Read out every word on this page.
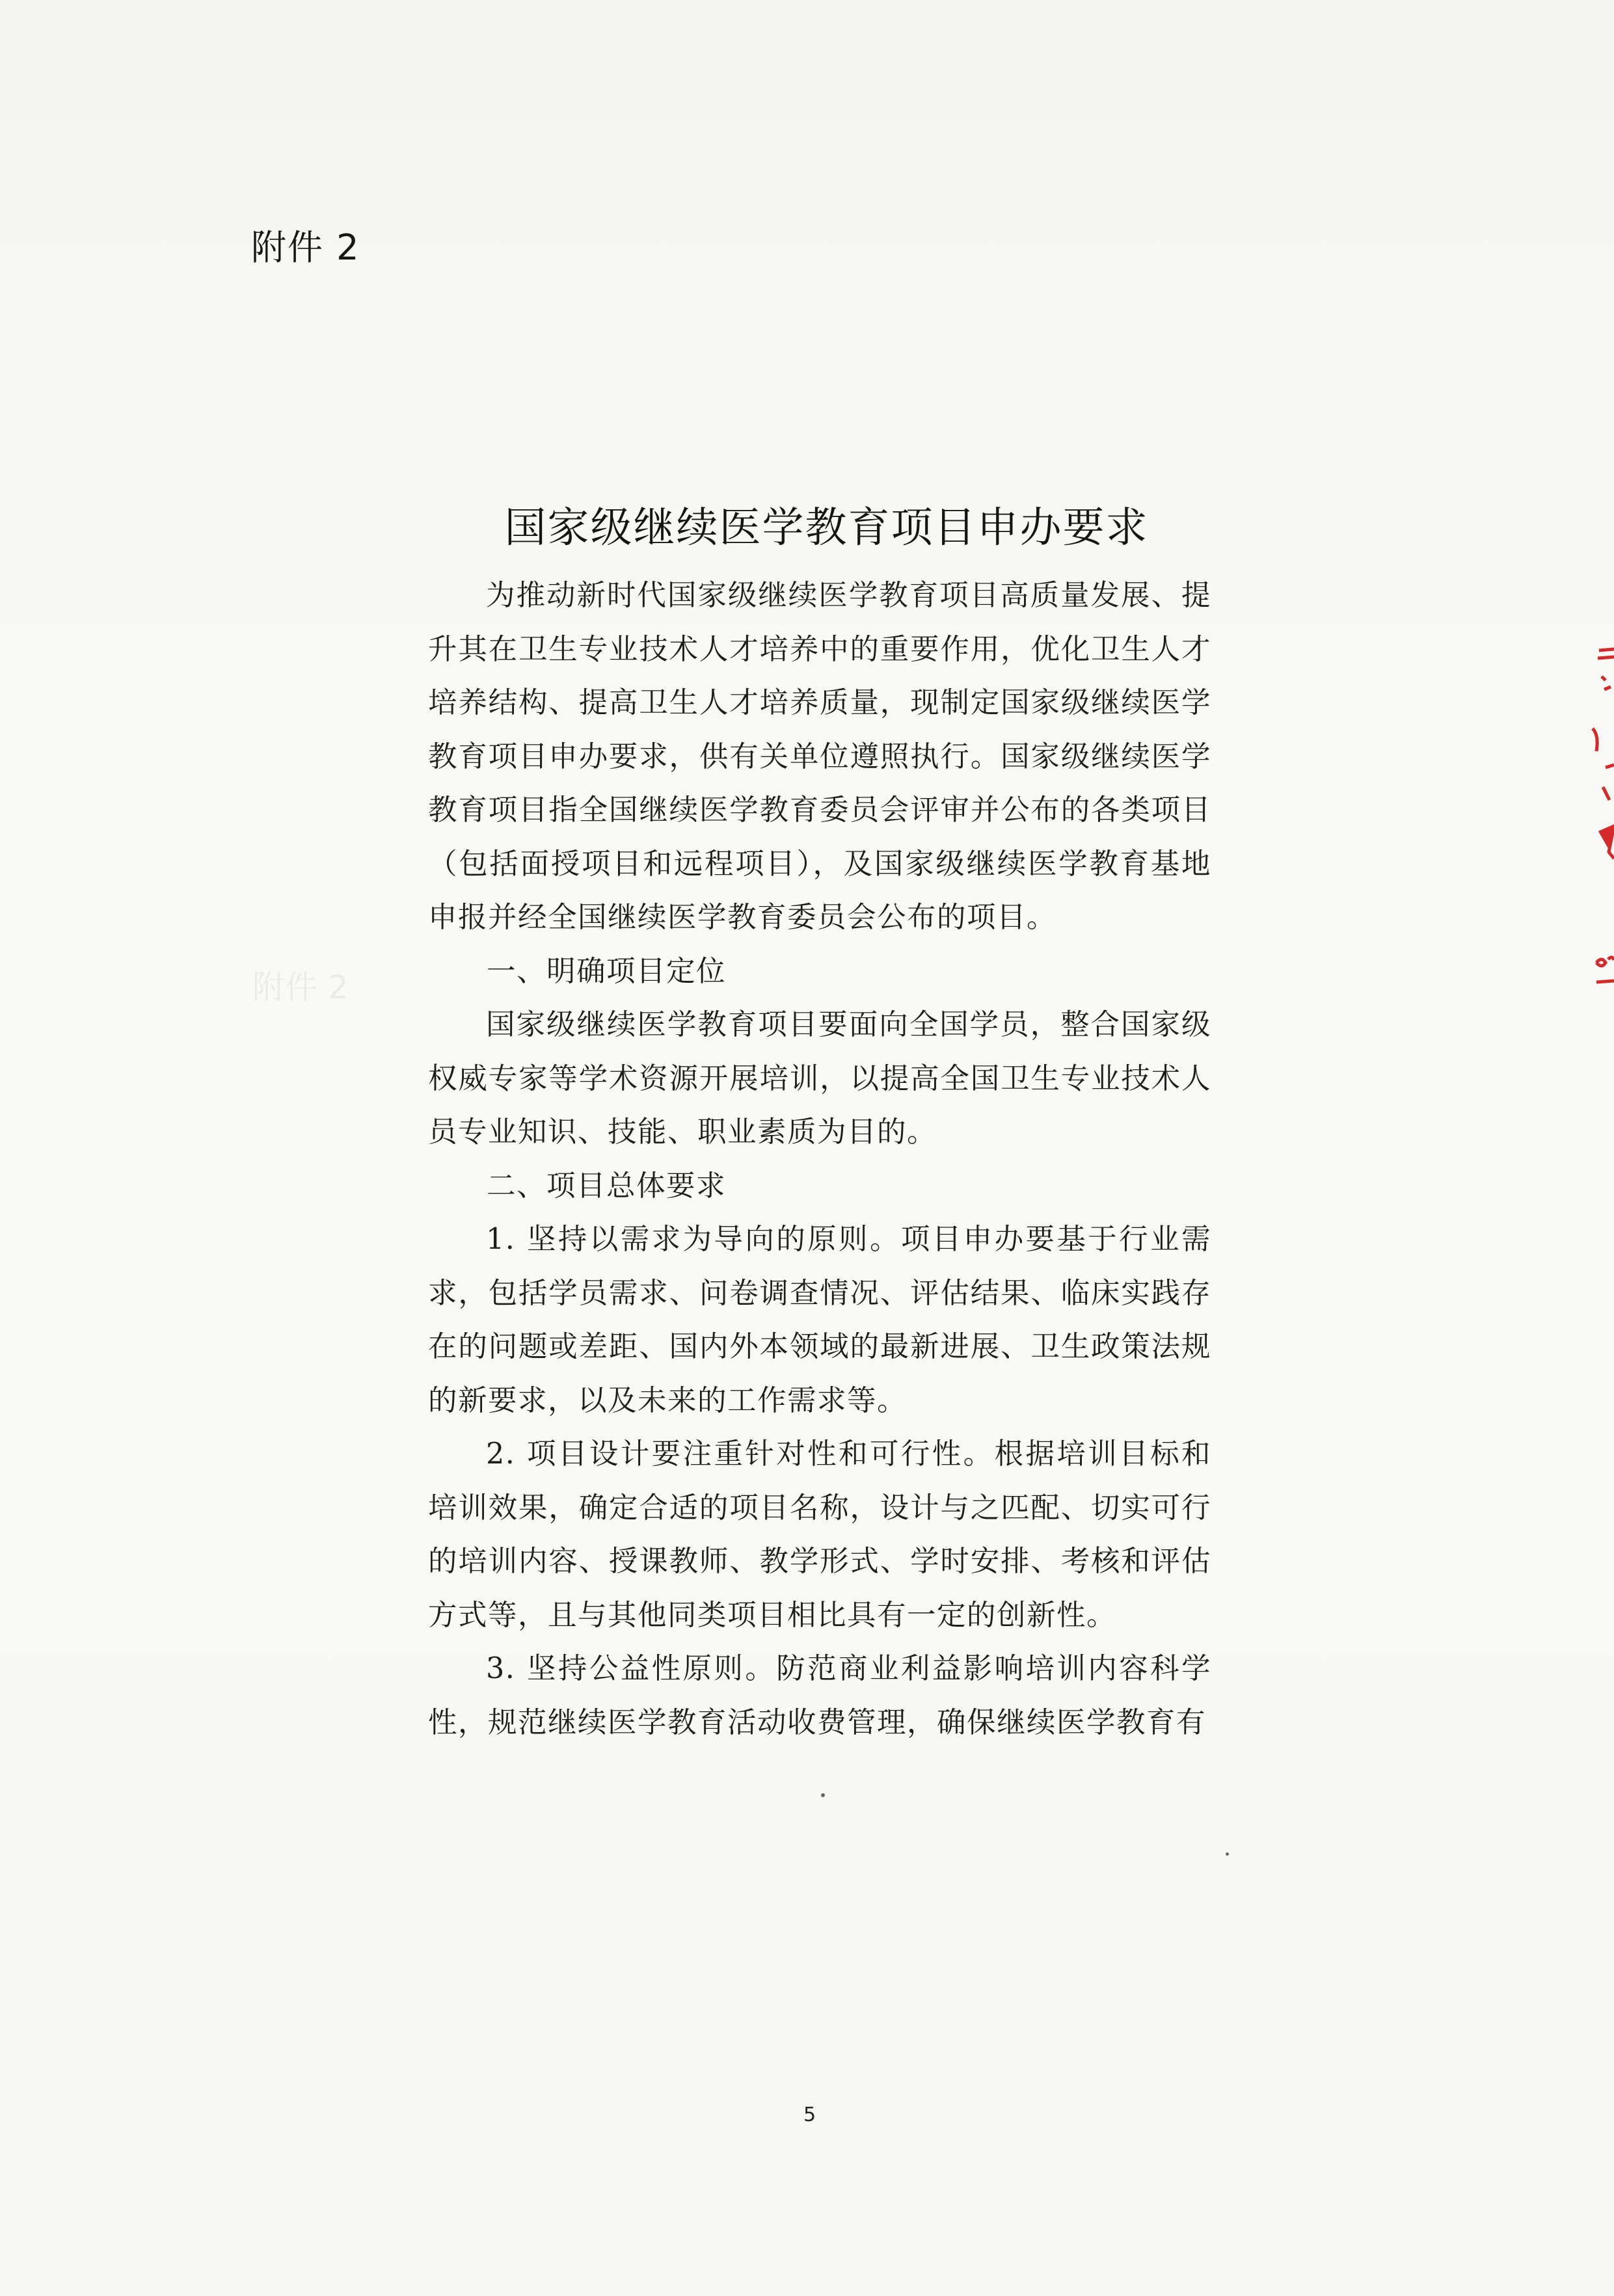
附件 2
附件 2
国家级继续医学教育项目申办要求

为推动新时代国家级继续医学教育项目高质量发展、提升其在卫生专业技术人才培养中的重要作用，优化卫生人才培养结构、提高卫生人才培养质量，现制定国家级继续医学教育项目申办要求，供有关单位遵照执行。国家级继续医学教育项目指全国继续医学教育委员会评审并公布的各类项目（包括面授项目和远程项目），及国家级继续医学教育基地申报并经全国继续医学教育委员会公布的项目。

一、明确项目定位

国家级继续医学教育项目要面向全国学员，整合国家级权威专家等学术资源开展培训，以提高全国卫生专业技术人员专业知识、技能、职业素质为目的。

二、项目总体要求

1. 坚持以需求为导向的原则。项目申办要基于行业需求，包括学员需求、问卷调查情况、评估结果、临床实践存在的问题或差距、国内外本领域的最新进展、卫生政策法规的新要求，以及未来的工作需求等。

2. 项目设计要注重针对性和可行性。根据培训目标和培训效果，确定合适的项目名称，设计与之匹配、切实可行的培训内容、授课教师、教学形式、学时安排、考核和评估方式等，且与其他同类项目相比具有一定的创新性。

3. 坚持公益性原则。防范商业利益影响培训内容科学性，规范继续医学教育活动收费管理，确保继续医学教育有

5
